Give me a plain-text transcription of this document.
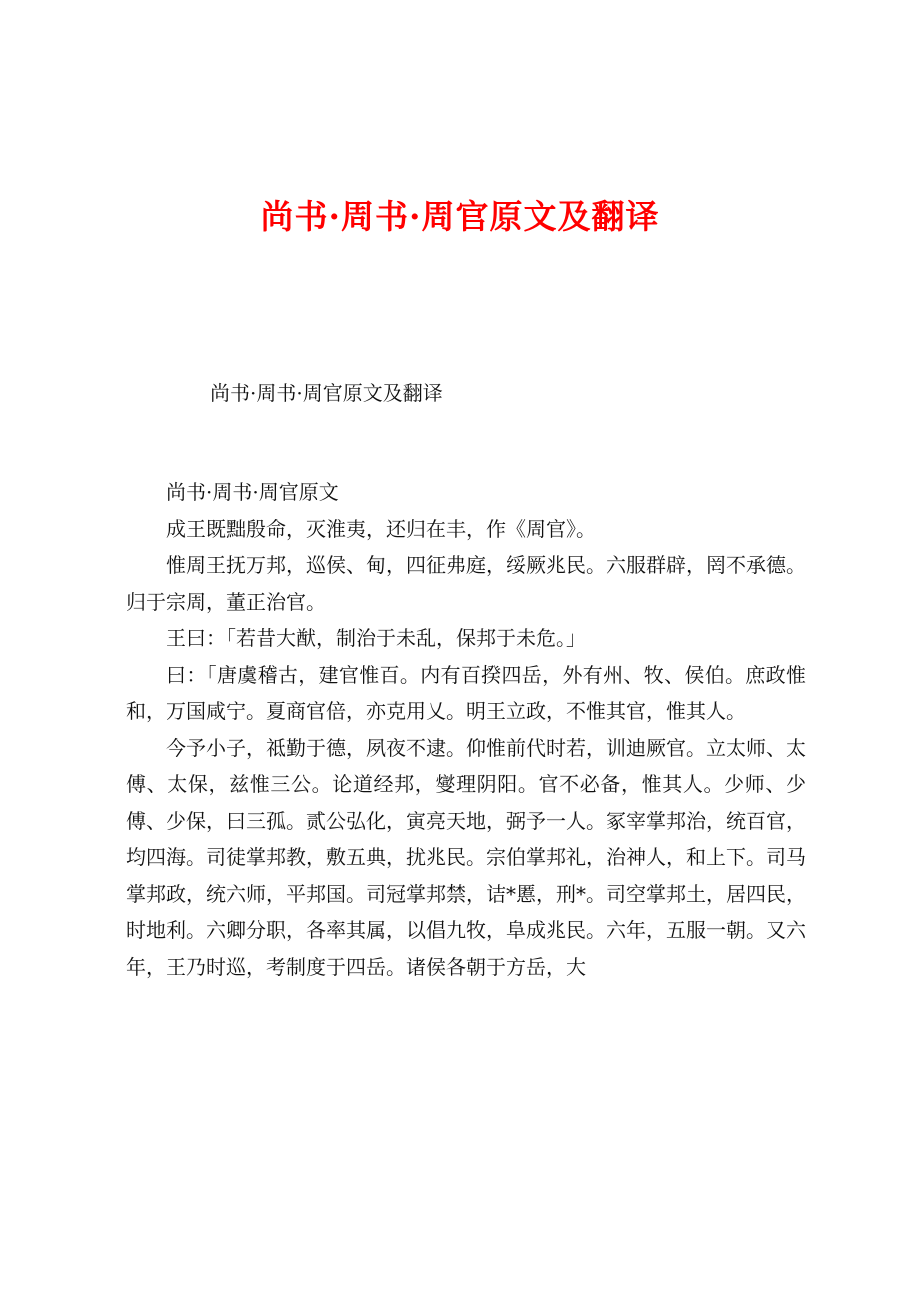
尚书·周书·周官原文及翻译
尚书·周书·周官原文及翻译

尚书·周书·周官原文

成王既黜殷命，灭淮夷，还归在丰，作《周官》。

惟周王抚万邦，巡侯、甸，四征弗庭，绥厥兆民。六服群辟，罔不承德。归于宗周，董正治官。

王曰：「若昔大猷，制治于未乱，保邦于未危。」

曰：「唐虞稽古，建官惟百。内有百揆四岳，外有州、牧、侯伯。庶政惟和，万国咸宁。夏商官倍，亦克用乂。明王立政，不惟其官，惟其人。

今予小子，祗勤于德，夙夜不逮。仰惟前代时若，训迪厥官。立太师、太傅、太保，兹惟三公。论道经邦，燮理阴阳。官不必备，惟其人。少师、少傅、少保，曰三孤。贰公弘化，寅亮天地，弼予一人。冢宰掌邦治，统百官，均四海。司徒掌邦教，敷五典，扰兆民。宗伯掌邦礼，治神人，和上下。司马掌邦政，统六师，平邦国。司冠掌邦禁，诘*慝，刑*。司空掌邦土，居四民，时地利。六卿分职，各率其属，以倡九牧，阜成兆民。六年，五服一朝。又六年，王乃时巡，考制度于四岳。诸侯各朝于方岳，大
